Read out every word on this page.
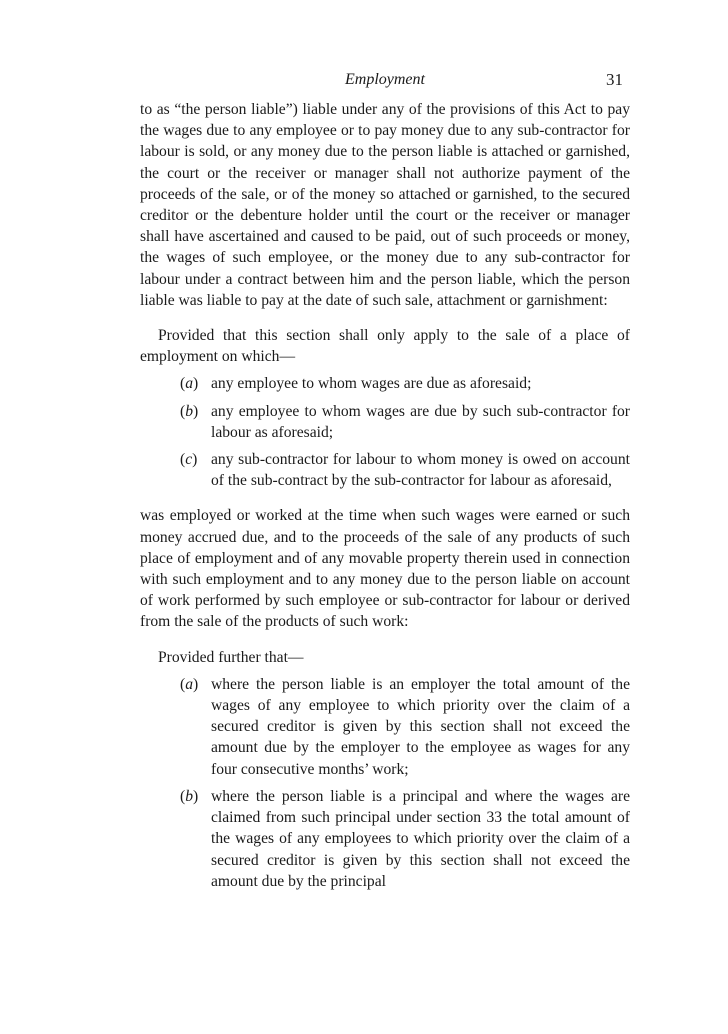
Employment	31

to as “the person liable”) liable under any of the provisions of this Act to pay the wages due to any employee or to pay money due to any sub-contractor for labour is sold, or any money due to the person liable is attached or garnished, the court or the receiver or manager shall not authorize payment of the proceeds of the sale, or of the money so attached or garnished, to the secured creditor or the debenture holder until the court or the receiver or manager shall have ascertained and caused to be paid, out of such proceeds or money, the wages of such employee, or the money due to any sub-contractor for labour under a contract between him and the person liable, which the person liable was liable to pay at the date of such sale, attachment or garnishment:

Provided that this section shall only apply to the sale of a place of employment on which—

(a) any employee to whom wages are due as aforesaid;
(b) any employee to whom wages are due by such sub-contractor for labour as aforesaid;
(c) any sub-contractor for labour to whom money is owed on account of the sub-contract by the sub-contractor for labour as aforesaid,

was employed or worked at the time when such wages were earned or such money accrued due, and to the proceeds of the sale of any products of such place of employment and of any movable property therein used in connection with such employment and to any money due to the person liable on account of work performed by such employee or sub-contractor for labour or derived from the sale of the products of such work:

Provided further that—

(a) where the person liable is an employer the total amount of the wages of any employee to which priority over the claim of a secured creditor is given by this section shall not exceed the amount due by the employer to the employee as wages for any four consecutive months’ work;
(b) where the person liable is a principal and where the wages are claimed from such principal under section 33 the total amount of the wages of any employees to which priority over the claim of a secured creditor is given by this section shall not exceed the amount due by the principal
